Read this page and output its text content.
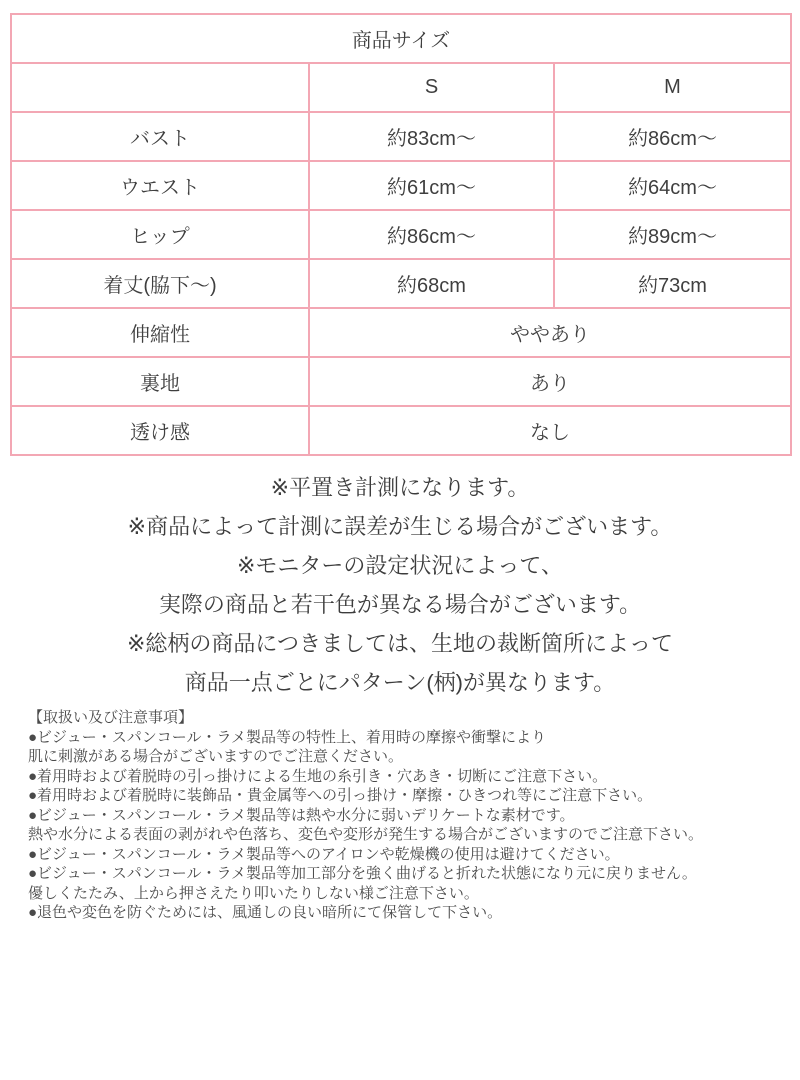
商品サイズ		
	S	M
バスト	約83cm〜	約86cm〜
ウエスト	約61cm〜	約64cm〜
ヒップ	約86cm〜	約89cm〜
着丈(脇下〜)	約68cm	約73cm
伸縮性	ややあり	
裏地	あり	
透け感	なし	
※平置き計測になります。
※商品によって計測に誤差が生じる場合がございます。
※モニターの設定状況によって、
実際の商品と若干色が異なる場合がございます。
※総柄の商品につきましては、生地の裁断箇所によって
商品一点ごとにパターン(柄)が異なります。
【取扱い及び注意事項】
●ビジュー・スパンコール・ラメ製品等の特性上、着用時の摩擦や衝撃により
肌に刺激がある場合がございますのでご注意ください。
●着用時および着脱時の引っ掛けによる生地の糸引き・穴あき・切断にご注意下さい。
●着用時および着脱時に装飾品・貴金属等への引っ掛け・摩擦・ひきつれ等にご注意下さい。
●ビジュー・スパンコール・ラメ製品等は熱や水分に弱いデリケートな素材です。
熱や水分による表面の剥がれや色落ち、変色や変形が発生する場合がございますのでご注意下さい。
●ビジュー・スパンコール・ラメ製品等へのアイロンや乾燥機の使用は避けてください。
●ビジュー・スパンコール・ラメ製品等加工部分を強く曲げると折れた状態になり元に戻りません。
優しくたたみ、上から押さえたり叩いたりしない様ご注意下さい。
●退色や変色を防ぐためには、風通しの良い暗所にて保管して下さい。
